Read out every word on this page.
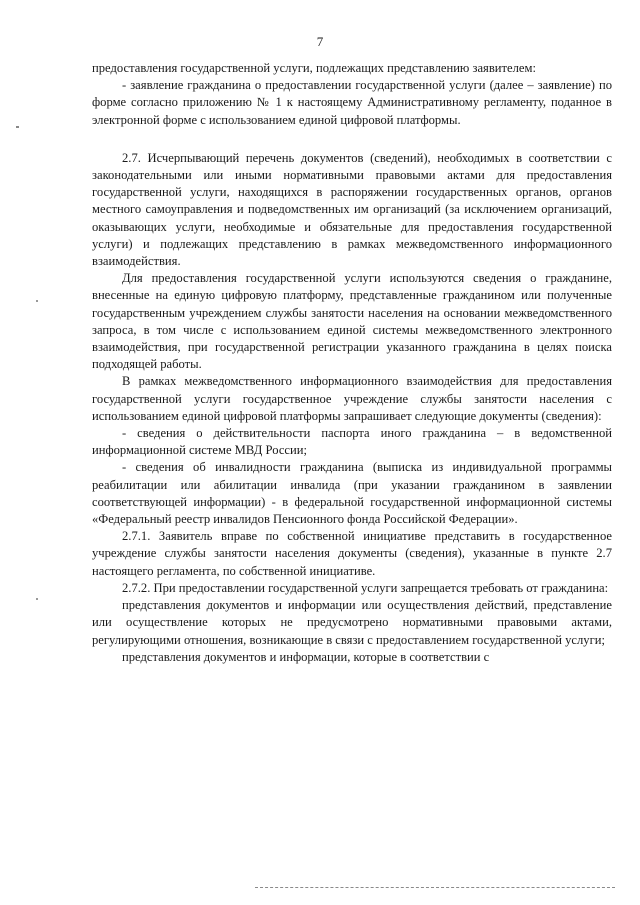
7

предоставления государственной услуги, подлежащих представлению заявителем:

- заявление гражданина о предоставлении государственной услуги (далее – заявление) по форме согласно приложению № 1 к настоящему Административному регламенту, поданное в электронной форме с использованием единой цифровой платформы.

2.7. Исчерпывающий перечень документов (сведений), необходимых в соответствии с законодательными или иными нормативными правовыми актами для предоставления государственной услуги, находящихся в распоряжении государственных органов, органов местного самоуправления и подведомственных им организаций (за исключением организаций, оказывающих услуги, необходимые и обязательные для предоставления государственной услуги) и подлежащих представлению в рамках межведомственного информационного взаимодействия.

Для предоставления государственной услуги используются сведения о гражданине, внесенные на единую цифровую платформу, представленные гражданином или полученные государственным учреждением службы занятости населения на основании межведомственного запроса, в том числе с использованием единой системы межведомственного электронного взаимодействия, при государственной регистрации указанного гражданина в целях поиска подходящей работы.

В рамках межведомственного информационного взаимодействия для предоставления государственной услуги государственное учреждение службы занятости населения с использованием единой цифровой платформы запрашивает следующие документы (сведения):

- сведения о действительности паспорта иного гражданина – в ведомственной информационной системе МВД России;

- сведения об инвалидности гражданина (выписка из индивидуальной программы реабилитации или абилитации инвалида (при указании гражданином в заявлении соответствующей информации) - в федеральной государственной информационной системы «Федеральный реестр инвалидов Пенсионного фонда Российской Федерации».

2.7.1. Заявитель вправе по собственной инициативе представить в государственное учреждение службы занятости населения документы (сведения), указанные в пункте 2.7 настоящего регламента, по собственной инициативе.

2.7.2. При предоставлении государственной услуги запрещается требовать от гражданина:

представления документов и информации или осуществления действий, представление или осуществление которых не предусмотрено нормативными правовыми актами, регулирующими отношения, возникающие в связи с предоставлением государственной услуги;

представления документов и информации, которые в соответствии с
